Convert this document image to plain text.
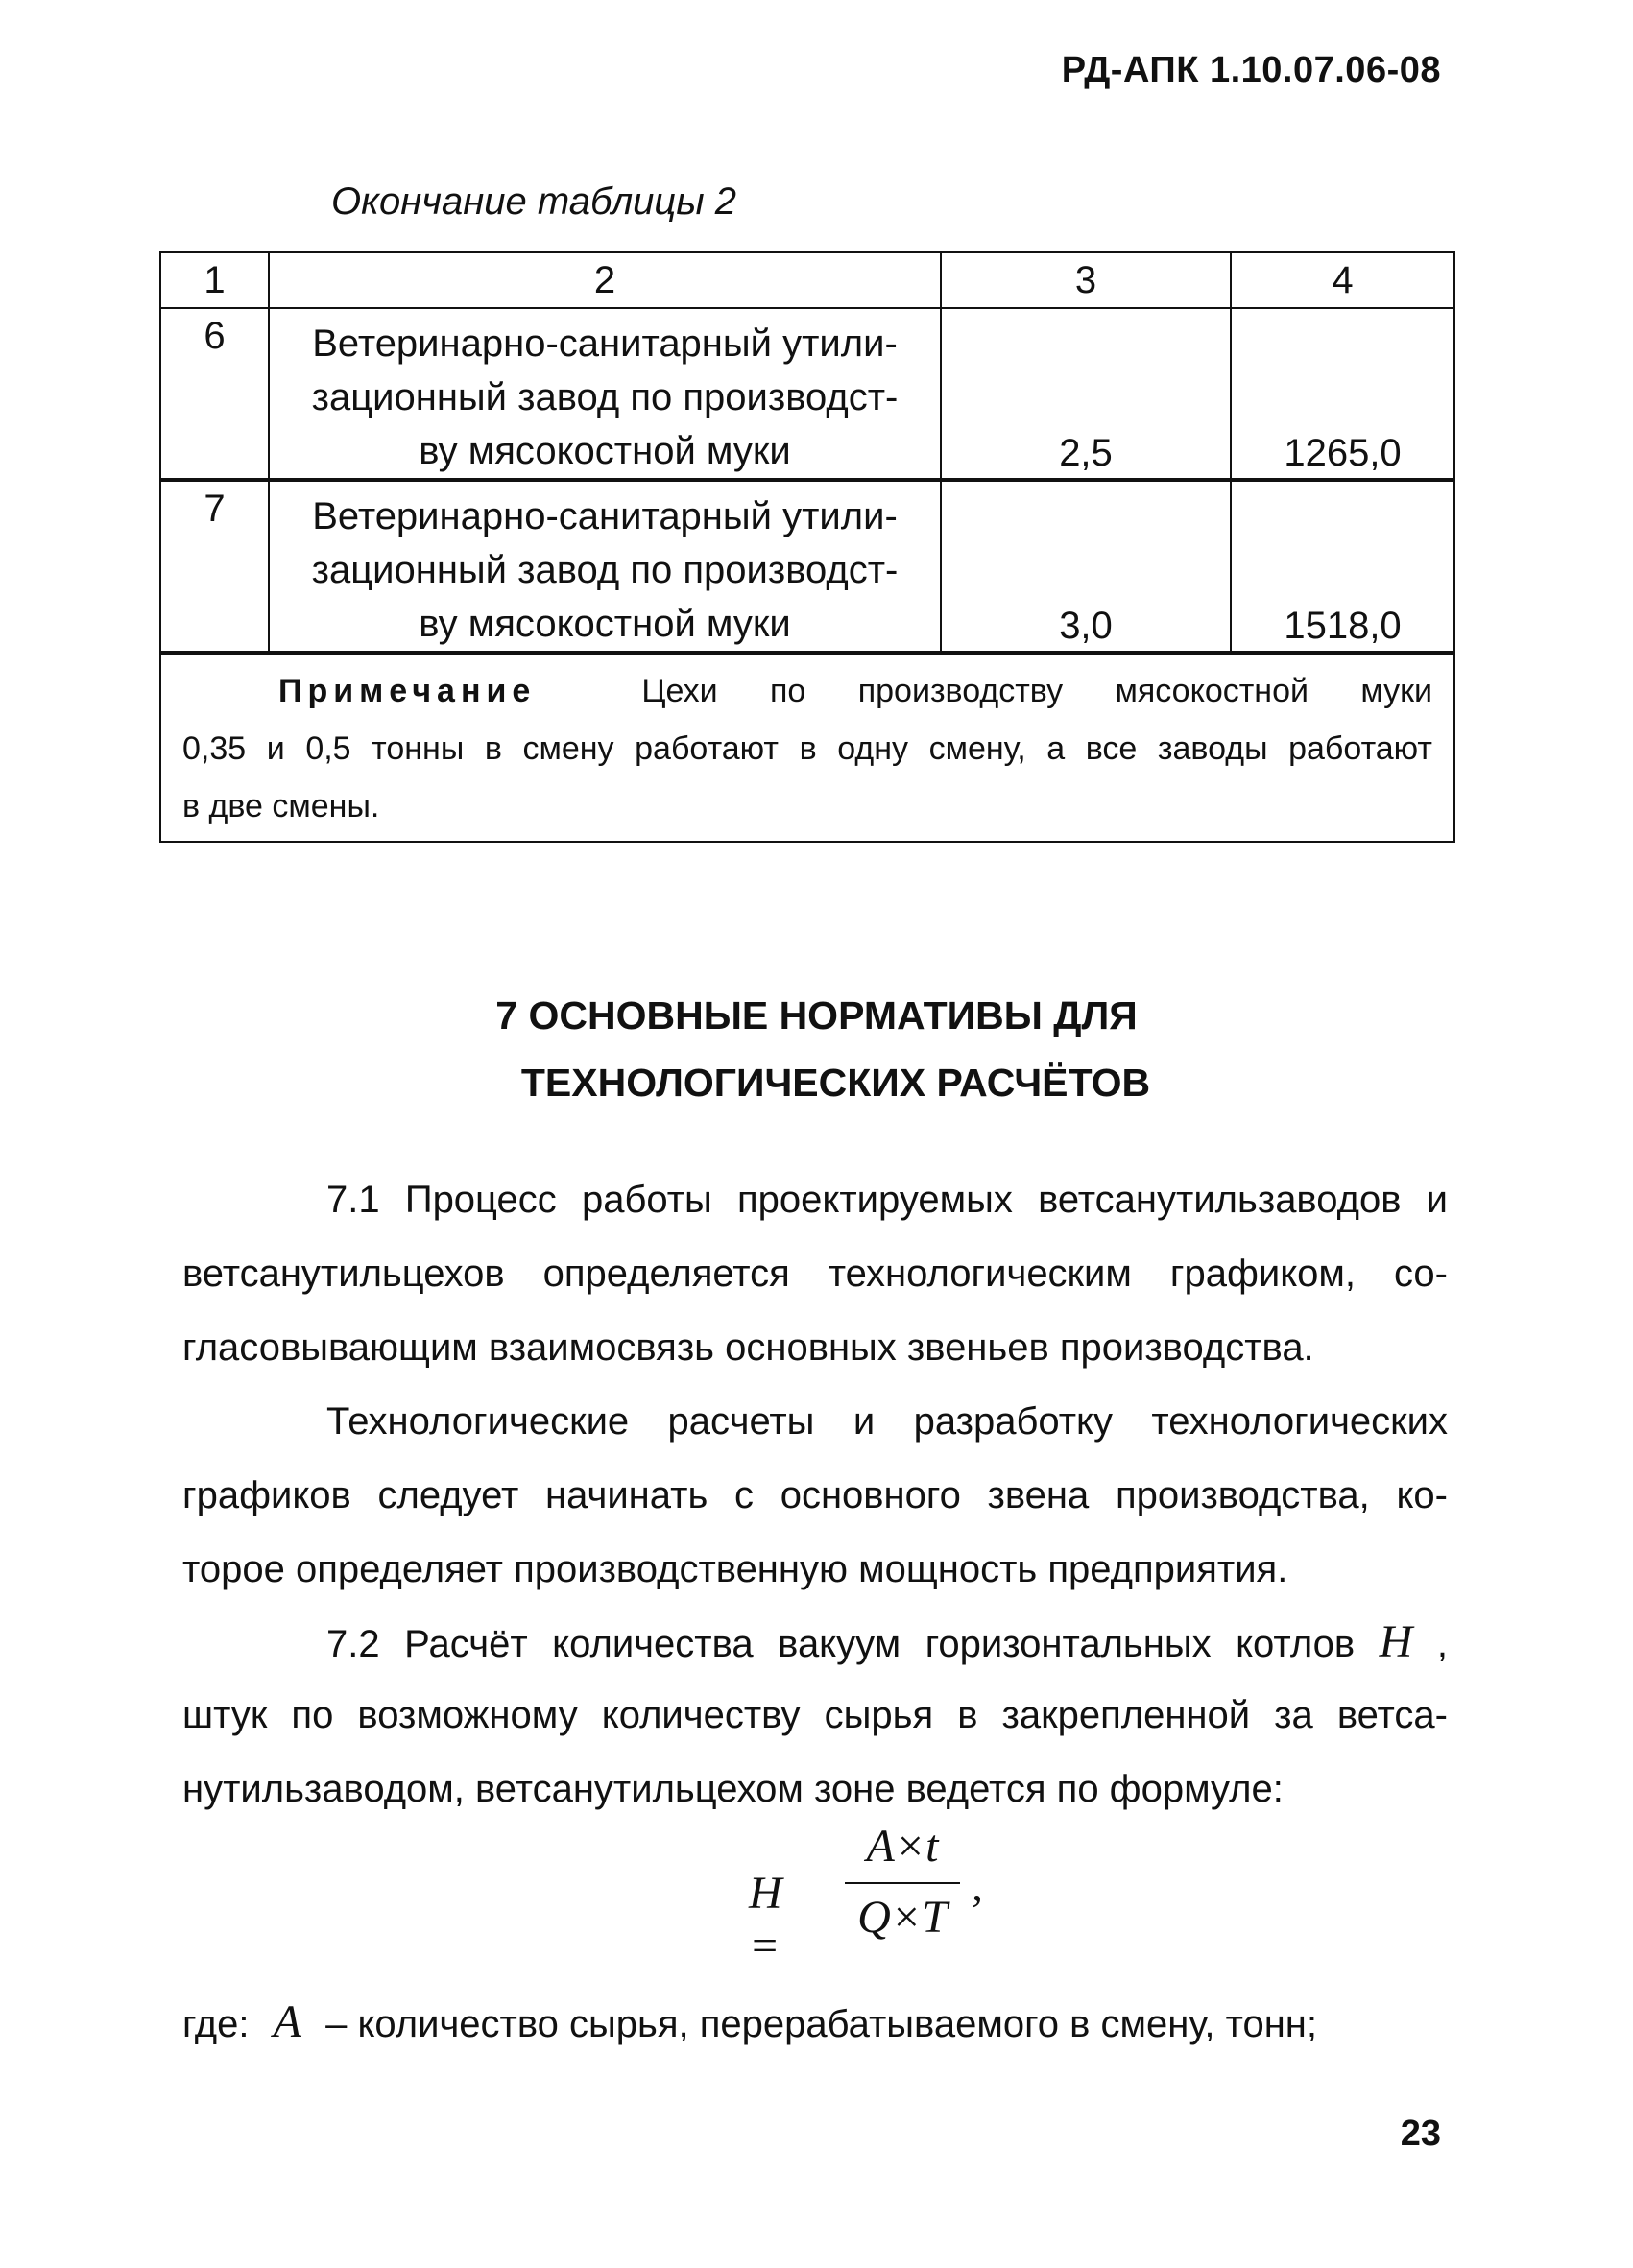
РД-АПК 1.10.07.06-08
Окончание таблицы 2
1	2	3	4
6	Ветеринарно-санитарный утили-
зационный завод по производст-
ву мясокостной муки	2,5	1265,0
7	Ветеринарно-санитарный утили-
зационный завод по производст-
ву мясокостной муки	3,0	1518,0

Примечание Цехи по производству мясокостной муки
0,35 и 0,5 тонны в смену работают в одну смену, а все заводы работают
в две смены.			
7 ОСНОВНЫЕ НОРМАТИВЫ ДЛЯ
ТЕХНОЛОГИЧЕСКИХ РАСЧЁТОВ
7.1 Процесс работы проектируемых ветсанутильзаводов и
ветсанутильцехов определяется технологическим графиком, со-
гласовывающим взаимосвязь основных звеньев производства.
Технологические расчеты и разработку технологических
графиков следует начинать с основного звена производства, ко-
торое определяет производственную мощность предприятия.
7.2 Расчёт количества вакуум горизонтальных котлов H ,
штук по возможному количеству сырья в закрепленной за ветса-
нутильзаводом, ветсанутильцехом зоне ведется по формуле:
H =
A×t
Q×T
,
где: A – количество сырья, перерабатываемого в смену, тонн;
23
